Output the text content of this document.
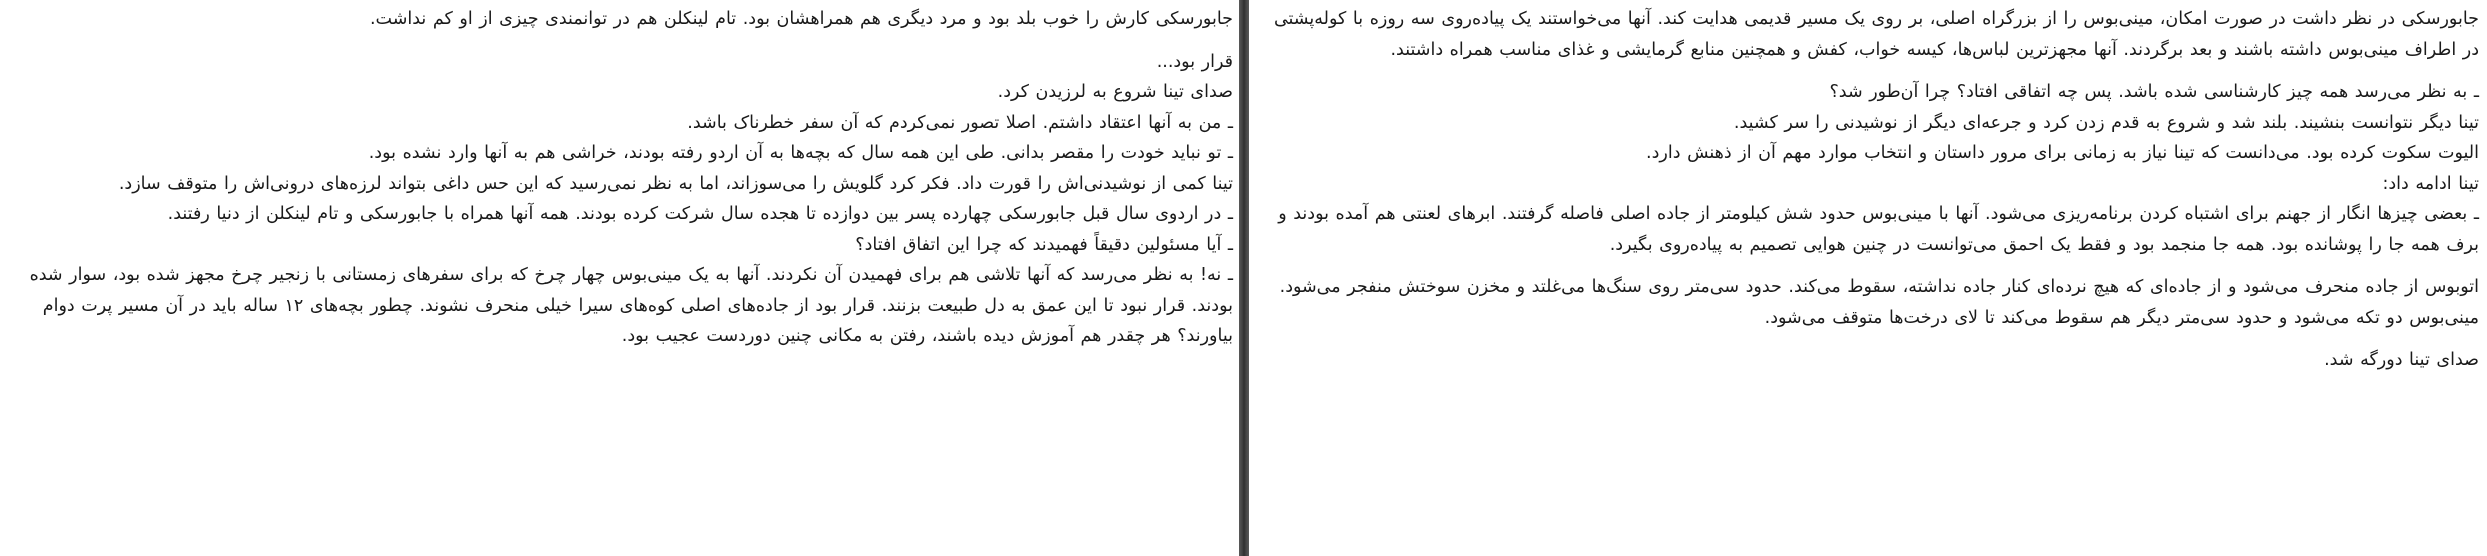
جابورسکی کارش را خوب بلد بود و مرد دیگری هم همراهشان بود. تام لینکلن هم در توانمندی چیزی از او کم نداشت.

قرار بود...

صدای تینا شروع به لرزیدن کرد.

ـ من به آنها اعتقاد داشتم. اصلا تصور نمی‌کردم که آن سفر خطرناک باشد.

ـ تو نباید خودت را مقصر بدانی. طی این همه سال که بچه‌ها به آن اردو رفته بودند، خراشی هم به آنها وارد نشده بود.

تینا کمی از نوشیدنی‌اش را قورت داد. فکر کرد گلویش را می‌سوزاند، اما به نظر نمی‌رسید که این حس داغی بتواند لرزه‌های درونی‌اش را متوقف سازد.

ـ در اردوی سال قبل جابورسکی چهارده پسر بین دوازده تا هجده سال شرکت کرده بودند. همه آنها همراه با جابورسکی و تام لینکلن از دنیا رفتند.

ـ آیا مسئولین دقیقاً فهمیدند که چرا این اتفاق افتاد؟

ـ نه! به نظر می‌رسد که آنها تلاشی هم برای فهمیدن آن نکردند. آنها به یک مینی‌بوس چهار چرخ که برای سفرهای زمستانی با زنجیر چرخ مجهز شده بود، سوار شده بودند. قرار نبود تا این عمق به دل طبیعت بزنند. قرار بود از جاده‌های اصلی کوه‌های سیرا خیلی منحرف نشوند. چطور بچه‌های ۱۲ ساله باید در آن مسیر پرت دوام بیاورند؟ هر چقدر هم آموزش دیده باشند، رفتن به مکانی چنین دوردست عجیب بود.

جابورسکی در نظر داشت در صورت امکان، مینی‌بوس را از بزرگراه اصلی، بر روی یک مسیر قدیمی هدایت کند. آنها می‌خواستند یک پیاده‌روی سه روزه با کوله‌پشتی در اطراف مینی‌بوس داشته باشند و بعد برگردند. آنها مجهزترین لباس‌ها، کیسه خواب، کفش و همچنین منابع گرمایشی و غذای مناسب همراه داشتند.

ـ به نظر می‌رسد همه چیز کارشناسی شده باشد. پس چه اتفاقی افتاد؟ چرا آن‌طور شد؟

تینا دیگر نتوانست بنشیند. بلند شد و شروع به قدم زدن کرد و جرعه‌ای دیگر از نوشیدنی را سر کشید.

الیوت سکوت کرده بود. می‌دانست که تینا نیاز به زمانی برای مرور داستان و انتخاب موارد مهم آن از ذهنش دارد.

تینا ادامه داد:

ـ بعضی چیزها انگار از جهنم برای اشتباه کردن برنامه‌ریزی می‌شود. آنها با مینی‌بوس حدود شش کیلومتر از جاده اصلی فاصله گرفتند. ابرهای لعنتی هم آمده بودند و برف همه جا را پوشانده بود. همه جا منجمد بود و فقط یک احمق می‌توانست در چنین هوایی تصمیم به پیاده‌روی بگیرد.

اتوبوس از جاده منحرف می‌شود و از جاده‌ای که هیچ نرده‌ای کنار جاده نداشته، سقوط می‌کند. حدود سی‌متر روی سنگ‌ها می‌غلتد و مخزن سوختش منفجر می‌شود. مینی‌بوس دو تکه می‌شود و حدود سی‌متر دیگر هم سقوط می‌کند تا لای درخت‌ها متوقف می‌شود.

صدای تینا دورگه شد.
